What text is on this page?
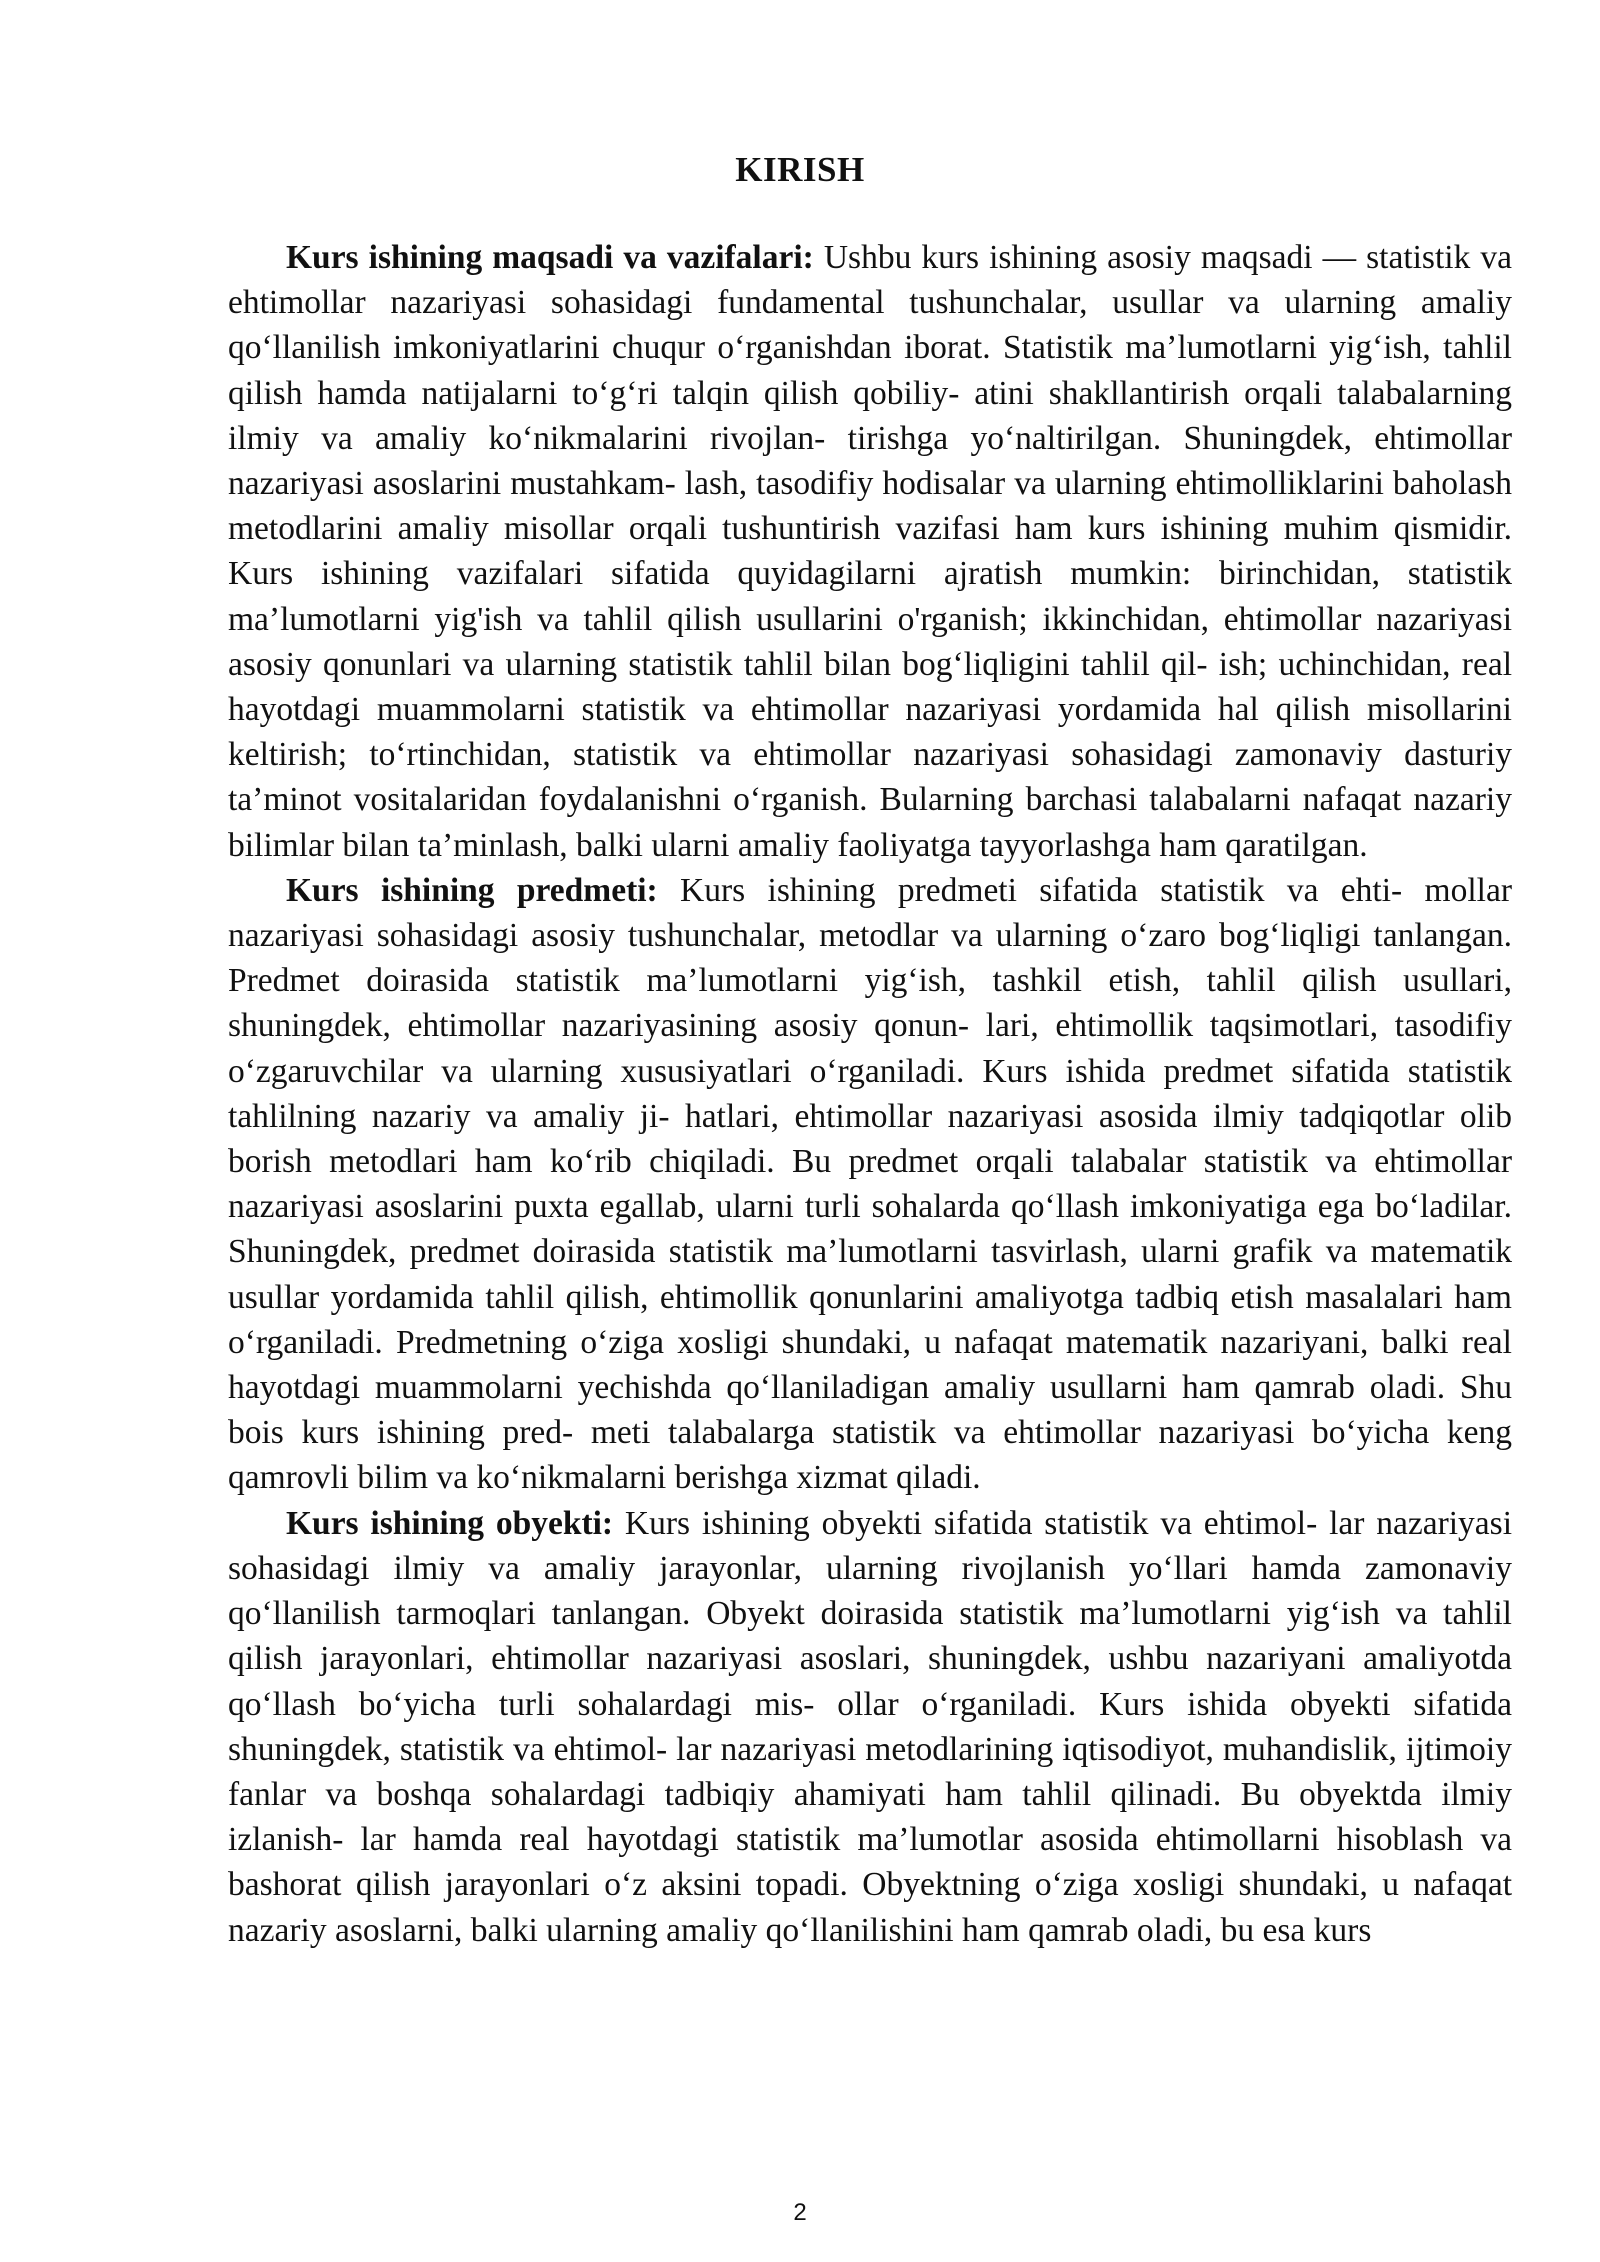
KIRISH

Kurs ishining maqsadi va vazifalari: Ushbu kurs ishining asosiy maqsadi — statistik va ehtimollar nazariyasi sohasidagi fundamental tushunchalar, usullar va ularning amaliy qo‘llanilish imkoniyatlarini chuqur o‘rganishdan iborat. Statistik ma’lumotlarni yig‘ish, tahlil qilish hamda natijalarni to‘g‘ri talqin qilish qobiliy- atini shakllantirish orqali talabalarning ilmiy va amaliy ko‘nikmalarini rivojlan- tirishga yo‘naltirilgan. Shuningdek, ehtimollar nazariyasi asoslarini mustahkam- lash, tasodifiy hodisalar va ularning ehtimolliklarini baholash metodlarini amaliy misollar orqali tushuntirish vazifasi ham kurs ishining muhim qismidir. Kurs ishining vazifalari sifatida quyidagilarni ajratish mumkin: birinchidan, statistik ma’lumotlarni yig'ish va tahlil qilish usullarini o'rganish; ikkinchidan, ehtimollar nazariyasi asosiy qonunlari va ularning statistik tahlil bilan bog‘liqligini tahlil qil- ish; uchinchidan, real hayotdagi muammolarni statistik va ehtimollar nazariyasi yordamida hal qilish misollarini keltirish; to‘rtinchidan, statistik va ehtimollar nazariyasi sohasidagi zamonaviy dasturiy ta’minot vositalaridan foydalanishni o‘rganish. Bularning barchasi talabalarni nafaqat nazariy bilimlar bilan ta’minlash, balki ularni amaliy faoliyatga tayyorlashga ham qaratilgan.

Kurs ishining predmeti: Kurs ishining predmeti sifatida statistik va ehti- mollar nazariyasi sohasidagi asosiy tushunchalar, metodlar va ularning o‘zaro bog‘liqligi tanlangan. Predmet doirasida statistik ma’lumotlarni yig‘ish, tashkil etish, tahlil qilish usullari, shuningdek, ehtimollar nazariyasining asosiy qonun- lari, ehtimollik taqsimotlari, tasodifiy o‘zgaruvchilar va ularning xususiyatlari o‘rganiladi. Kurs ishida predmet sifatida statistik tahlilning nazariy va amaliy ji- hatlari, ehtimollar nazariyasi asosida ilmiy tadqiqotlar olib borish metodlari ham ko‘rib chiqiladi. Bu predmet orqali talabalar statistik va ehtimollar nazariyasi asoslarini puxta egallab, ularni turli sohalarda qo‘llash imkoniyatiga ega bo‘ladilar. Shuningdek, predmet doirasida statistik ma’lumotlarni tasvirlash, ularni grafik va matematik usullar yordamida tahlil qilish, ehtimollik qonunlarini amaliyotga tadbiq etish masalalari ham o‘rganiladi. Predmetning o‘ziga xosligi shundaki, u nafaqat matematik nazariyani, balki real hayotdagi muammolarni yechishda qo‘llaniladigan amaliy usullarni ham qamrab oladi. Shu bois kurs ishining pred- meti talabalarga statistik va ehtimollar nazariyasi bo‘yicha keng qamrovli bilim va ko‘nikmalarni berishga xizmat qiladi.

Kurs ishining obyekti: Kurs ishining obyekti sifatida statistik va ehtimol- lar nazariyasi sohasidagi ilmiy va amaliy jarayonlar, ularning rivojlanish yo‘llari hamda zamonaviy qo‘llanilish tarmoqlari tanlangan. Obyekt doirasida statistik ma’lumotlarni yig‘ish va tahlil qilish jarayonlari, ehtimollar nazariyasi asoslari, shuningdek, ushbu nazariyani amaliyotda qo‘llash bo‘yicha turli sohalardagi mis- ollar o‘rganiladi. Kurs ishida obyekti sifatida shuningdek, statistik va ehtimol- lar nazariyasi metodlarining iqtisodiyot, muhandislik, ijtimoiy fanlar va boshqa sohalardagi tadbiqiy ahamiyati ham tahlil qilinadi. Bu obyektda ilmiy izlanish- lar hamda real hayotdagi statistik ma’lumotlar asosida ehtimollarni hisoblash va bashorat qilish jarayonlari o‘z aksini topadi. Obyektning o‘ziga xosligi shundaki, u nafaqat nazariy asoslarni, balki ularning amaliy qo‘llanilishini ham qamrab oladi, bu esa kurs

2
